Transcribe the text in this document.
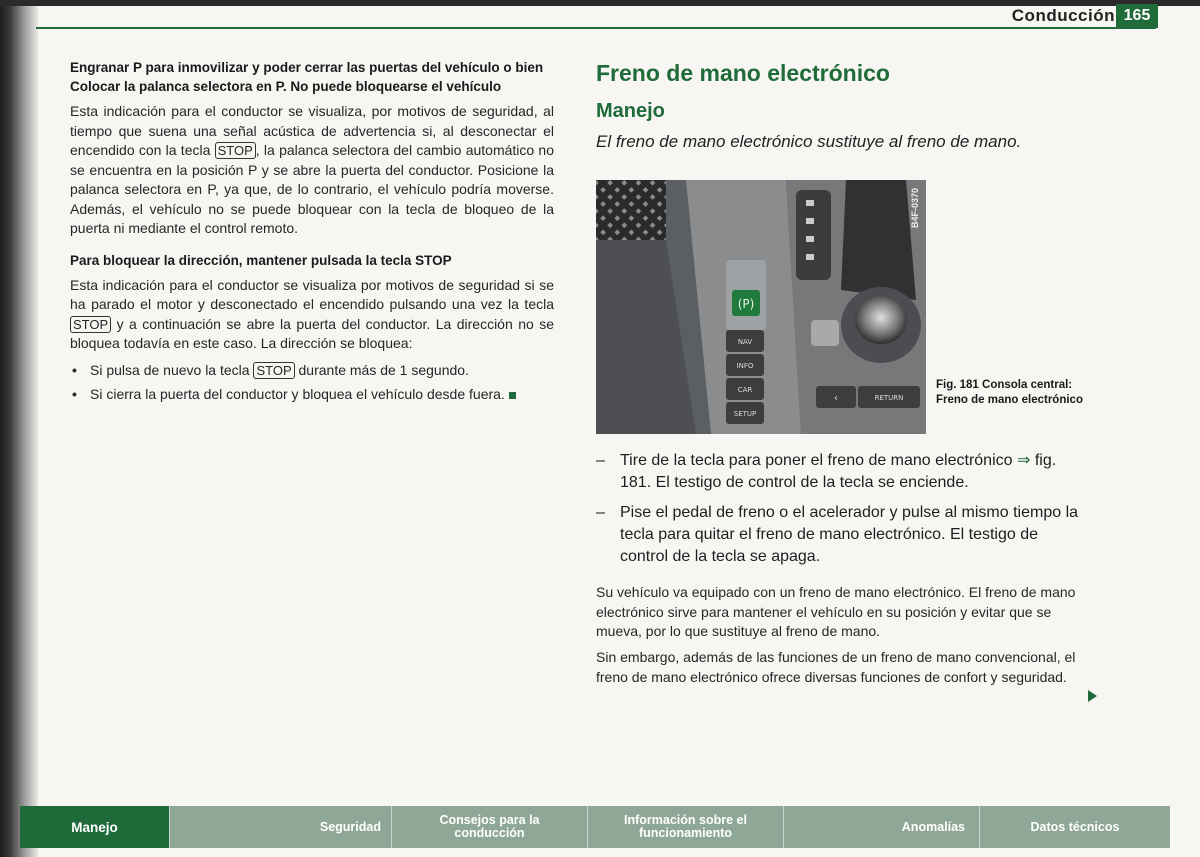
Conducción 165

Engranar P para inmovilizar y poder cerrar las puertas del vehículo o bien Colocar la palanca selectora en P. No puede bloquearse el vehículo

Esta indicación para el conductor se visualiza, por motivos de seguridad, al tiempo que suena una señal acústica de advertencia si, al desconectar el encendido con la tecla STOP , la palanca selectora del cambio automático no se encuentra en la posición P y se abre la puerta del conductor. Posicione la palanca selectora en P, ya que, de lo contrario, el vehículo podría moverse. Además, el vehículo no se puede bloquear con la tecla de bloqueo de la puerta ni mediante el control remoto.

Para bloquear la dirección, mantener pulsada la tecla STOP

Esta indicación para el conductor se visualiza por motivos de seguridad si se ha parado el motor y desconectado el encendido pulsando una vez la tecla STOP y a continuación se abre la puerta del conductor. La dirección no se bloquea todavía en este caso. La dirección se bloquea:

• Si pulsa de nuevo la tecla STOP durante más de 1 segundo.
• Si cierra la puerta del conductor y bloquea el vehículo desde fuera.
Freno de mano electrónico
Manejo

El freno de mano electrónico sustituye al freno de mano.

(P)
NAV
INFO
CAR
SETUP
RETURN
‹
B4F-0370
Fig. 181 Consola central: Freno de mano electrónico
– Tire de la tecla para poner el freno de mano electrónico ⇒ fig. 181. El testigo de control de la tecla se enciende.
– Pise el pedal de freno o el acelerador y pulse al mismo tiempo la tecla para quitar el freno de mano electrónico. El testigo de control de la tecla se apaga.

Su vehículo va equipado con un freno de mano electrónico. El freno de mano electrónico sirve para mantener el vehículo en su posición y evitar que se mueva, por lo que sustituye al freno de mano.

Sin embargo, además de las funciones de un freno de mano convencional, el freno de mano electrónico ofrece diversas funciones de confort y seguridad.

Manejo	Seguridad	Consejos para la conducción
Información sobre el funcionamiento	Anomalías	Datos técnicos
